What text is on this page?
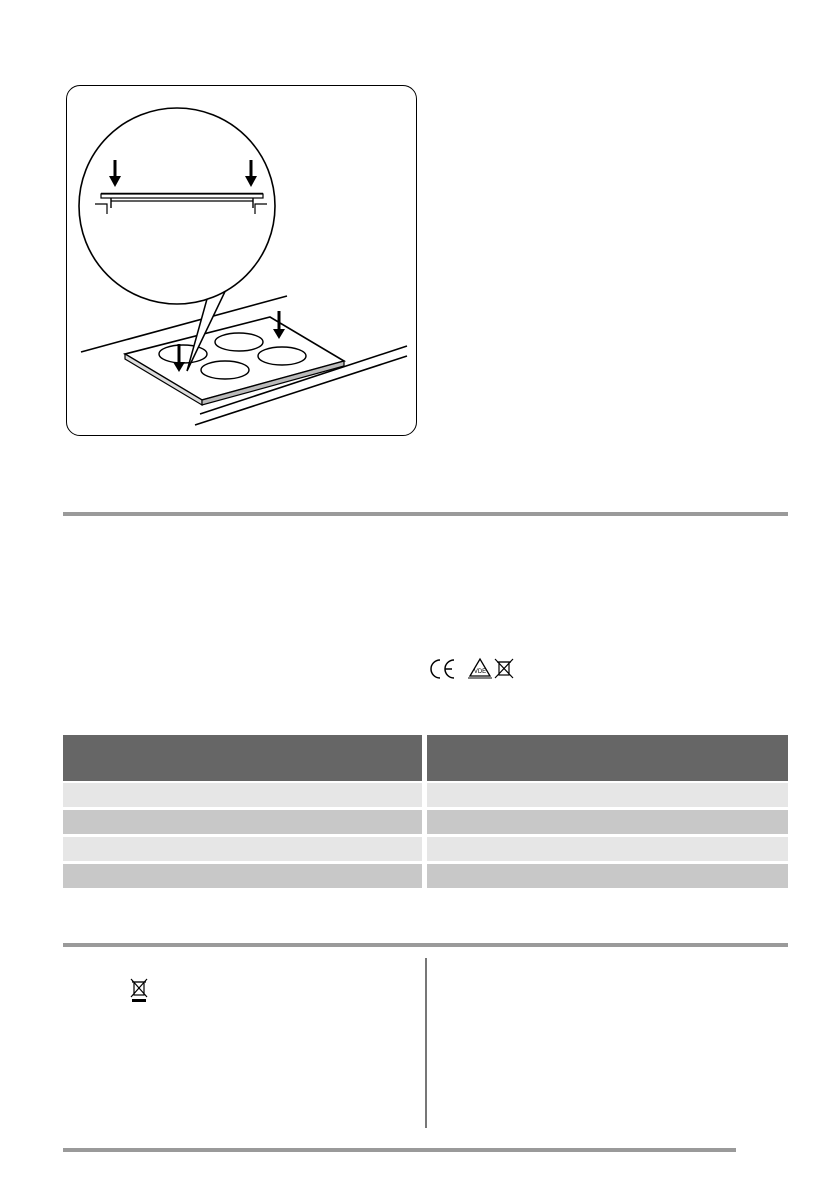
VDE
